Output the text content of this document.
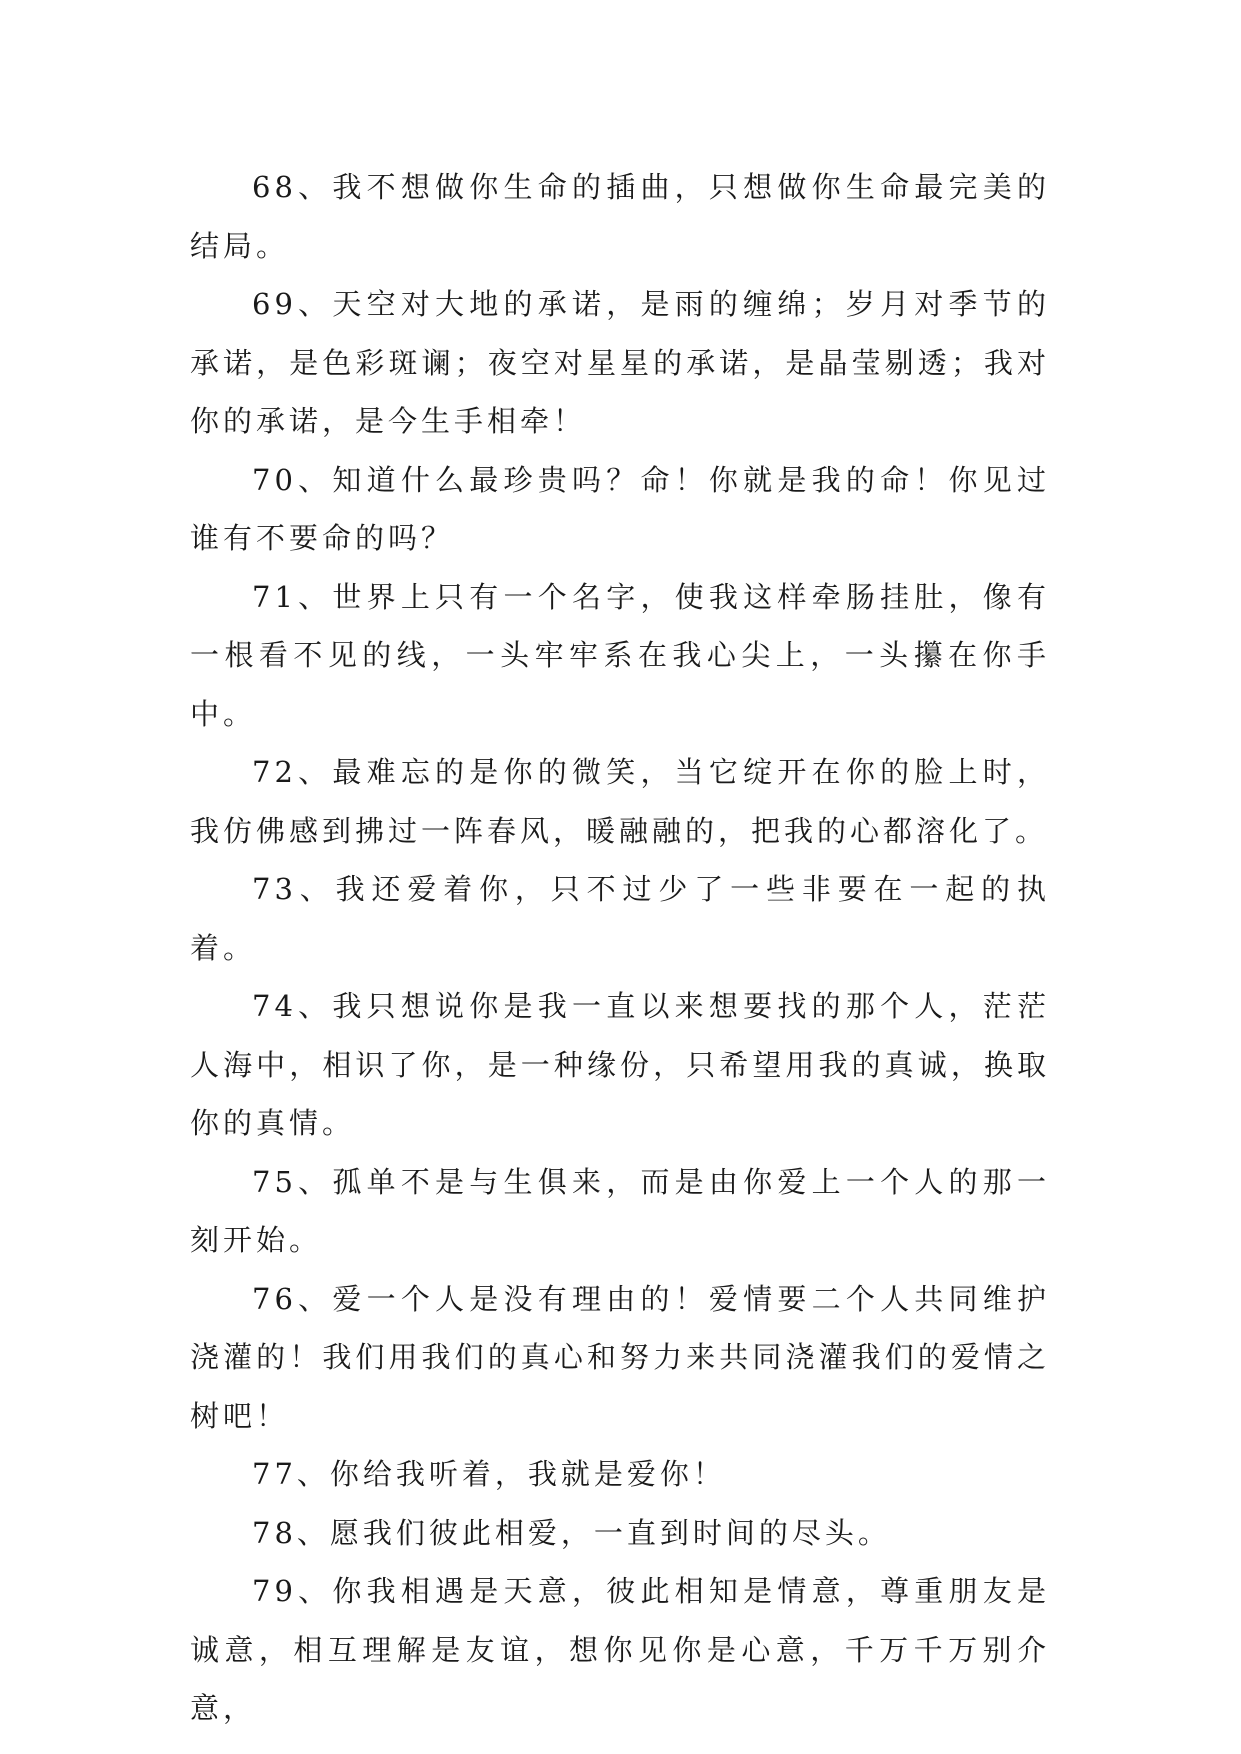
68、我不想做你生命的插曲，只想做你生命最完美的结局。

69、天空对大地的承诺，是雨的缠绵；岁月对季节的承诺，是色彩斑谰；夜空对星星的承诺，是晶莹剔透；我对你的承诺，是今生手相牵！

70、知道什么最珍贵吗？命！你就是我的命！你见过谁有不要命的吗？

71、世界上只有一个名字，使我这样牵肠挂肚，像有一根看不见的线，一头牢牢系在我心尖上，一头攥在你手中。

72、最难忘的是你的微笑，当它绽开在你的脸上时，我仿佛感到拂过一阵春风，暖融融的，把我的心都溶化了。

73、我还爱着你，只不过少了一些非要在一起的执着。

74、我只想说你是我一直以来想要找的那个人，茫茫人海中，相识了你，是一种缘份，只希望用我的真诚，换取你的真情。

75、孤单不是与生俱来，而是由你爱上一个人的那一刻开始。

76、爱一个人是没有理由的！爱情要二个人共同维护浇灌的！我们用我们的真心和努力来共同浇灌我们的爱情之树吧！

77、你给我听着，我就是爱你！

78、愿我们彼此相爱，一直到时间的尽头。

79、你我相遇是天意，彼此相知是情意，尊重朋友是诚意，相互理解是友谊，想你见你是心意，千万千万别介意，
